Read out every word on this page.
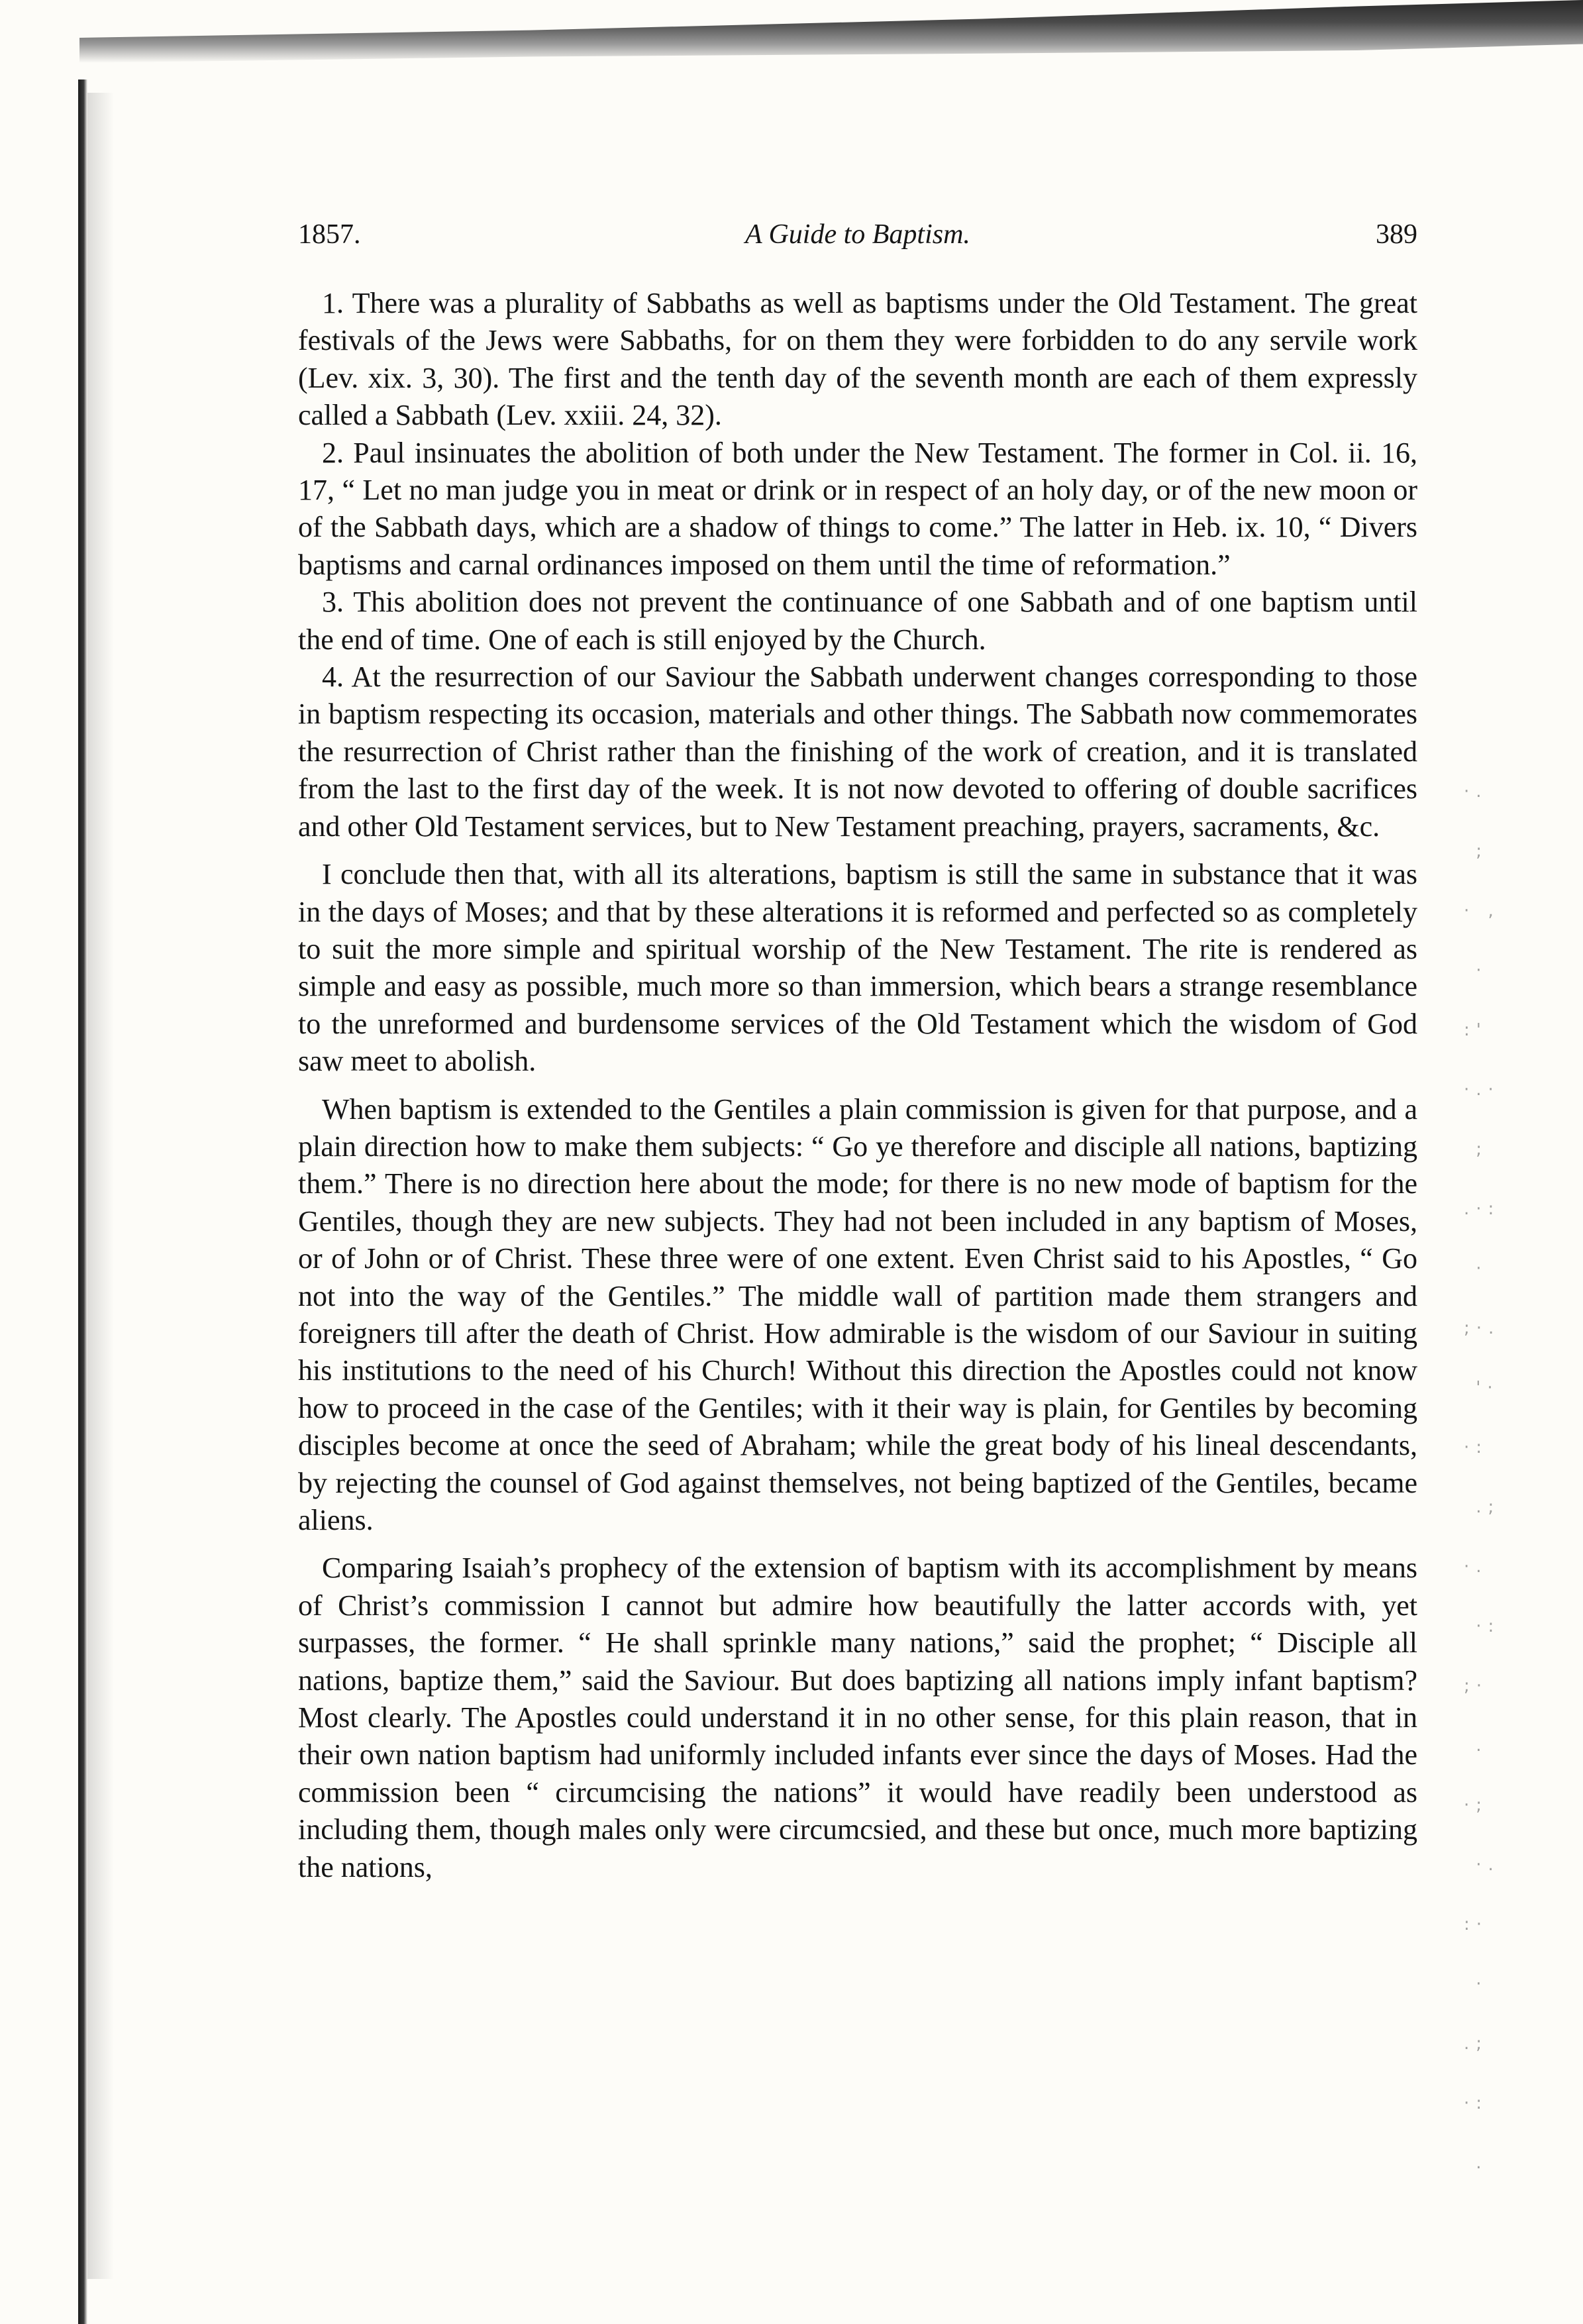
·.
;
· ,
·
:'
·.·
;
.·:
·
;·.
'·
·:
.;
·.
·:
;·
.
·;
·.
:·
·
.;
·:
.
1857.	A Guide to Baptism.	389

1. There was a plurality of Sabbaths as well as baptisms under the Old Testament. The great festivals of the Jews were Sabbaths, for on them they were forbidden to do any servile work (Lev. xix. 3, 30). The first and the tenth day of the seventh month are each of them expressly called a Sabbath (Lev. xxiii. 24, 32).

2. Paul insinuates the abolition of both under the New Testament. The former in Col. ii. 16, 17, “ Let no man judge you in meat or drink or in respect of an holy day, or of the new moon or of the Sabbath days, which are a shadow of things to come.” The latter in Heb. ix. 10, “ Divers baptisms and carnal ordinances imposed on them until the time of reformation.”

3. This abolition does not prevent the continuance of one Sabbath and of one baptism until the end of time. One of each is still enjoyed by the Church.

4. At the resurrection of our Saviour the Sabbath underwent changes corresponding to those in baptism respecting its occasion, materials and other things. The Sabbath now commemorates the resurrection of Christ rather than the finishing of the work of creation, and it is translated from the last to the first day of the week. It is not now devoted to offering of double sacrifices and other Old Testament services, but to New Testament preaching, prayers, sacraments, &c.

I conclude then that, with all its alterations, baptism is still the same in substance that it was in the days of Moses; and that by these alterations it is reformed and perfected so as completely to suit the more simple and spiritual worship of the New Testament. The rite is rendered as simple and easy as possible, much more so than immersion, which bears a strange resemblance to the unreformed and burdensome services of the Old Testament which the wisdom of God saw meet to abolish.

When baptism is extended to the Gentiles a plain commission is given for that purpose, and a plain direction how to make them subjects: “ Go ye therefore and disciple all nations, baptizing them.” There is no direction here about the mode; for there is no new mode of baptism for the Gentiles, though they are new subjects. They had not been included in any baptism of Moses, or of John or of Christ. These three were of one extent. Even Christ said to his Apostles, “ Go not into the way of the Gentiles.” The middle wall of partition made them strangers and foreigners till after the death of Christ. How admirable is the wisdom of our Saviour in suiting his institutions to the need of his Church! Without this direction the Apostles could not know how to proceed in the case of the Gentiles; with it their way is plain, for Gentiles by becoming disciples become at once the seed of Abraham; while the great body of his lineal descendants, by rejecting the counsel of God against themselves, not being baptized of the Gentiles, became aliens.

Comparing Isaiah’s prophecy of the extension of baptism with its accomplishment by means of Christ’s commission I cannot but admire how beautifully the latter accords with, yet surpasses, the former. “ He shall sprinkle many nations,” said the prophet; “ Disciple all nations, baptize them,” said the Saviour. But does baptizing all nations imply infant baptism? Most clearly. The Apostles could understand it in no other sense, for this plain reason, that in their own nation baptism had uniformly included infants ever since the days of Moses. Had the commission been “ circumcising the nations” it would have readily been understood as including them, though males only were circumcsied, and these but once, much more baptizing the nations,
